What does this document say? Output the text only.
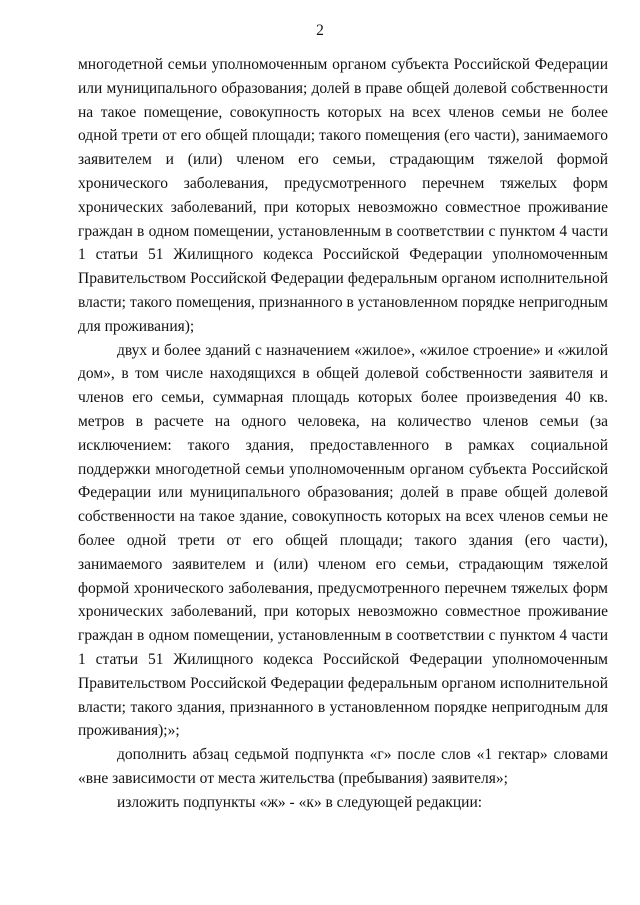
2

многодетной семьи уполномоченным органом субъекта Российской Федерации или муниципального образования; долей в праве общей долевой собственности на такое помещение, совокупность которых на всех членов семьи не более одной трети от его общей площади; такого помещения (его части), занимаемого заявителем и (или) членом его семьи, страдающим тяжелой формой хронического заболевания, предусмотренного перечнем тяжелых форм хронических заболеваний, при которых невозможно совместное проживание граждан в одном помещении, установленным в соответствии с пунктом 4 части 1 статьи 51 Жилищного кодекса Российской Федерации уполномоченным Правительством Российской Федерации федеральным органом исполнительной власти; такого помещения, признанного в установленном порядке непригодным для проживания);

двух и более зданий с назначением «жилое», «жилое строение» и «жилой дом», в том числе находящихся в общей долевой собственности заявителя и членов его семьи, суммарная площадь которых более произведения 40 кв. метров в расчете на одного человека, на количество членов семьи (за исключением: такого здания, предоставленного в рамках социальной поддержки многодетной семьи уполномоченным органом субъекта Российской Федерации или муниципального образования; долей в праве общей долевой собственности на такое здание, совокупность которых на всех членов семьи не более одной трети от его общей площади; такого здания (его части), занимаемого заявителем и (или) членом его семьи, страдающим тяжелой формой хронического заболевания, предусмотренного перечнем тяжелых форм хронических заболеваний, при которых невозможно совместное проживание граждан в одном помещении, установленным в соответствии с пунктом 4 части 1 статьи 51 Жилищного кодекса Российской Федерации уполномоченным Правительством Российской Федерации федеральным органом исполнительной власти; такого здания, признанного в установленном порядке непригодным для проживания);»;

дополнить абзац седьмой подпункта «г» после слов «1 гектар» словами «вне зависимости от места жительства (пребывания) заявителя»;

изложить подпункты «ж» - «к» в следующей редакции:
